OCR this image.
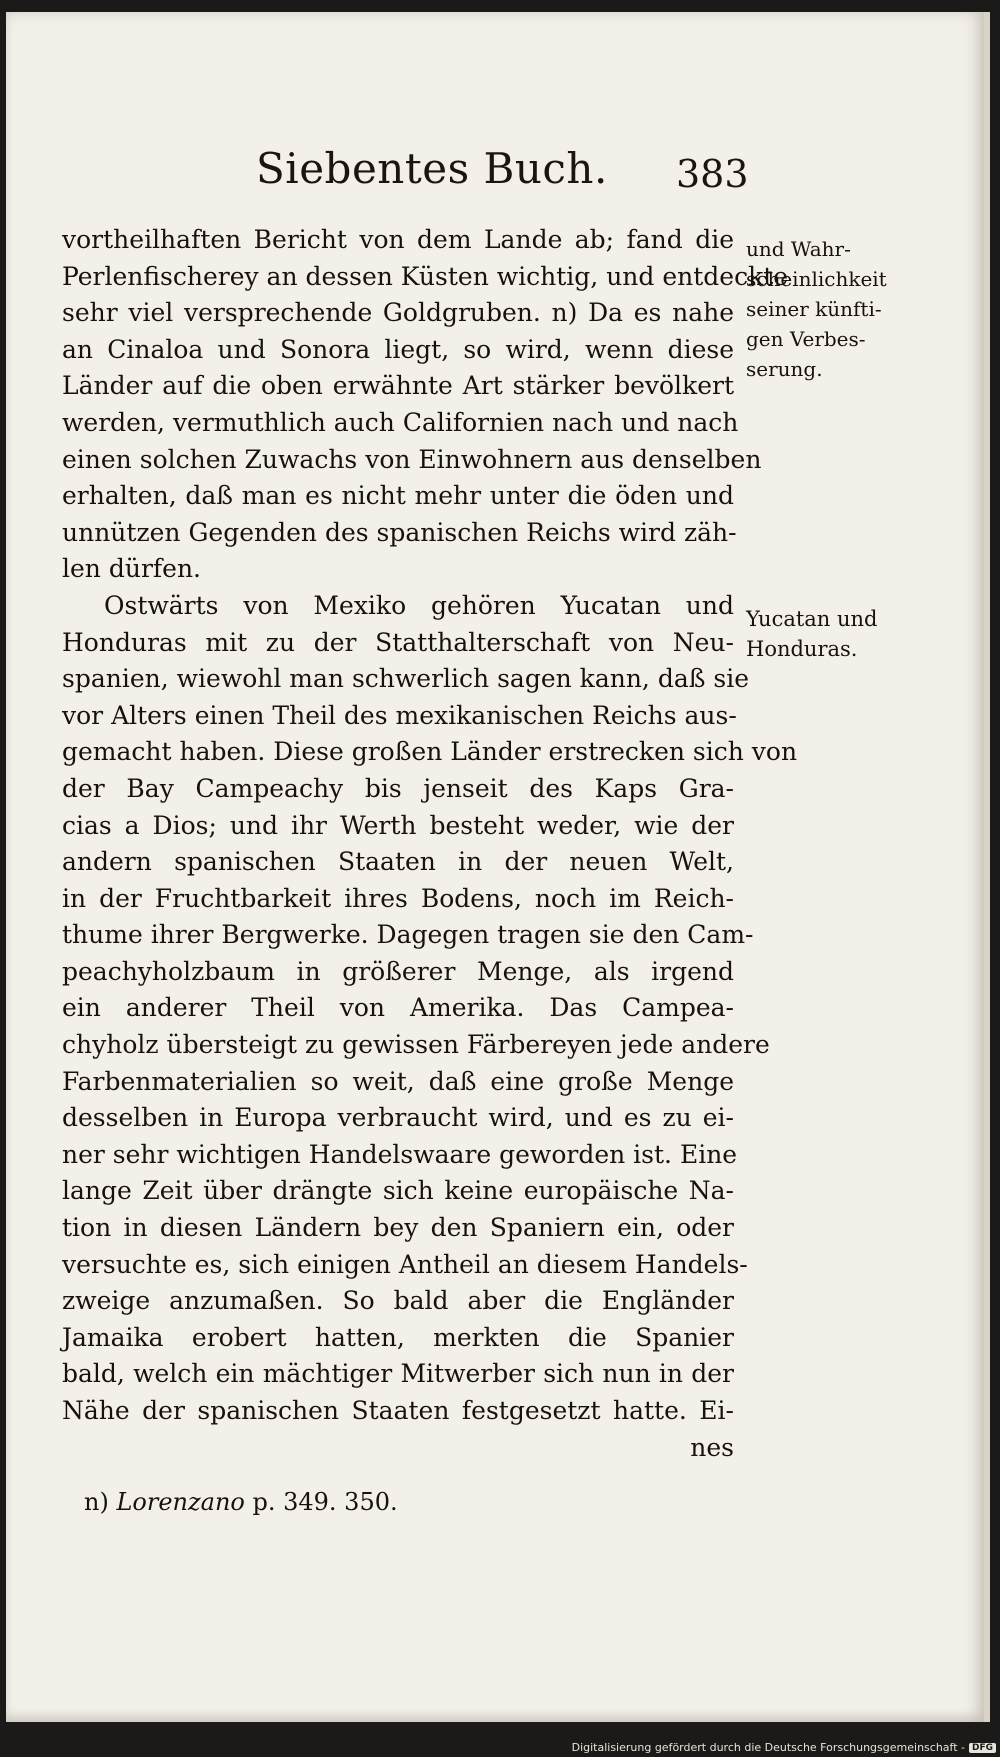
Siebentes Buch. 383
vortheilhaften Bericht von dem Lande ab; fand die
Perlenfischerey an dessen Küsten wichtig, und entdeckte
sehr viel versprechende Goldgruben. n) Da es nahe
an Cinaloa und Sonora liegt, so wird, wenn diese
Länder auf die oben erwähnte Art stärker bevölkert
werden, vermuthlich auch Californien nach und nach
einen solchen Zuwachs von Einwohnern aus denselben
erhalten, daß man es nicht mehr unter die öden und
unnützen Gegenden des spanischen Reichs wird zäh-
len dürfen.
Ostwärts von Mexiko gehören Yucatan und
Honduras mit zu der Statthalterschaft von Neu-
spanien, wiewohl man schwerlich sagen kann, daß sie
vor Alters einen Theil des mexikanischen Reichs aus-
gemacht haben. Diese großen Länder erstrecken sich von
der Bay Campeachy bis jenseit des Kaps Gra-
cias a Dios; und ihr Werth besteht weder, wie der
andern spanischen Staaten in der neuen Welt,
in der Fruchtbarkeit ihres Bodens, noch im Reich-
thume ihrer Bergwerke. Dagegen tragen sie den Cam-
peachyholzbaum in größerer Menge, als irgend
ein anderer Theil von Amerika. Das Campea-
chyholz übersteigt zu gewissen Färbereyen jede andere
Farbenmaterialien so weit, daß eine große Menge
desselben in Europa verbraucht wird, und es zu ei-
ner sehr wichtigen Handelswaare geworden ist. Eine
lange Zeit über drängte sich keine europäische Na-
tion in diesen Ländern bey den Spaniern ein, oder
versuchte es, sich einigen Antheil an diesem Handels-
zweige anzumaßen. So bald aber die Engländer
Jamaika erobert hatten, merkten die Spanier
bald, welch ein mächtiger Mitwerber sich nun in der
Nähe der spanischen Staaten festgesetzt hatte. Ei-
nes
und Wahr-
scheinlichkeit
seiner künfti-
gen Verbes-
serung.
Yucatan und
Honduras.
n) Lorenzano p. 349. 350.
Digitalisierung gefördert durch die Deutsche Forschungsgemeinschaft - DFG
